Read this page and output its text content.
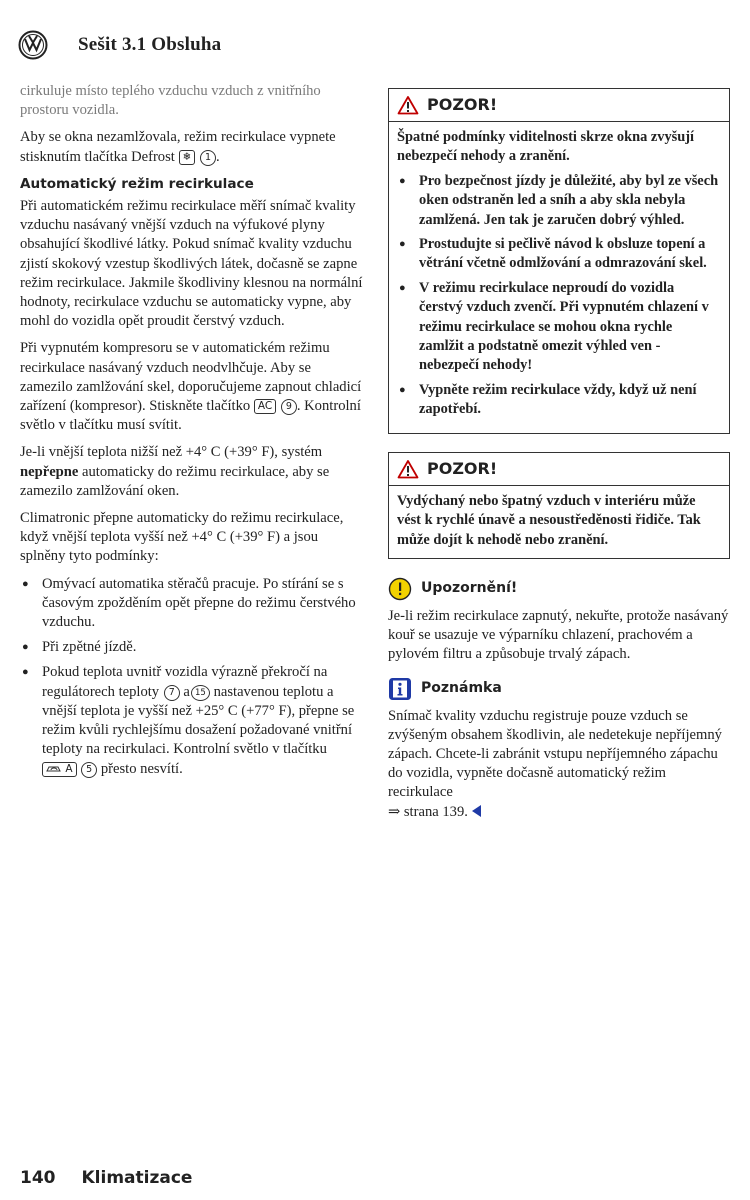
Sešit 3.1 Obsluha

cirkuluje místo teplého vzduchu vzduch z vnitřního prostoru vozidla.

Aby se okna nezamlžovala, režim recirkulace vypnete stisknutím tlačítka Defrost ❄ 1 .

Automatický režim recirkulace

Při automatickém režimu recirkulace měří snímač kvality vzduchu nasávaný vnější vzduch na výfukové plyny obsahující škodlivé látky. Pokud snímač kvality vzduchu zjistí skokový vzestup škodlivých látek, dočasně se zapne režim recirkulace. Jakmile škodliviny klesnou na normální hodnoty, recirkulace vzduchu se automaticky vypne, aby mohl do vozidla opět proudit čerstvý vzduch.

Při vypnutém kompresoru se v automatickém režimu recirkulace nasávaný vzduch neodvlhčuje. Aby se zamezilo zamlžování skel, doporučujeme zapnout chladicí zařízení (kompresor). Stiskněte tlačítko AC 9 . Kontrolní světlo v tlačítku musí svítit.

Je-li vnější teplota nižší než +4° C (+39° F), systém nepřepne automaticky do režimu recirkulace, aby se zamezilo zamlžování oken.

Climatronic přepne automaticky do režimu recirkulace, když vnější teplota vyšší než +4° C (+39° F) a jsou splněny tyto podmínky:

● Omývací automatika stěračů pracuje. Po stírání se s časovým zpožděním opět přepne do režimu čerstvého vzduchu.
● Při zpětné jízdě.
● Pokud teplota uvnitř vozidla výrazně překročí na regulátorech teploty 7 a 15 nastavenou teplotu a vnější teplota je vyšší než +25° C (+77° F), přepne se režim kvůli rychlejšímu dosažení požadované vnitřní teploty na recirkulaci. Kontrolní světlo v tlačítku  A 5 přesto nesvítí.
POZOR!

Špatné podmínky viditelnosti skrze okna zvyšují nebezpečí nehody a zranění.

● Pro bezpečnost jízdy je důležité, aby byl ze všech oken odstraněn led a sníh a aby skla nebyla zamlžená. Jen tak je zaručen dobrý výhled.
● Prostudujte si pečlivě návod k obsluze topení a větrání včetně odmlžování a odmrazování skel.
● V režimu recirkulace neproudí do vozidla čerstvý vzduch zvenčí. Při vypnutém chlazení v režimu recirkulace se mohou okna rychle zamlžit a podstatně omezit výhled ven - nebezpečí nehody!
● Vypněte režim recirkulace vždy, když už není zapotřebí.
POZOR!

Vydýchaný nebo špatný vzduch v interiéru může vést k rychlé únavě a nesoustředěnosti řidiče. Tak může dojít k nehodě nebo zranění.

Upozornění!

Je-li režim recirkulace zapnutý, nekuřte, protože nasávaný kouř se usazuje ve výparníku chlazení, prachovém a pylovém filtru a způsobuje trvalý zápach.

Poznámka

Snímač kvality vzduchu registruje pouze vzduch se zvýšeným obsahem škodlivin, ale nedetekuje nepříjemný zápach. Chcete-li zabránit vstupu nepříjemného zápachu do vozidla, vypněte dočasně automatický režim recirkulace
⇒ strana 139.

140 Klimatizace
